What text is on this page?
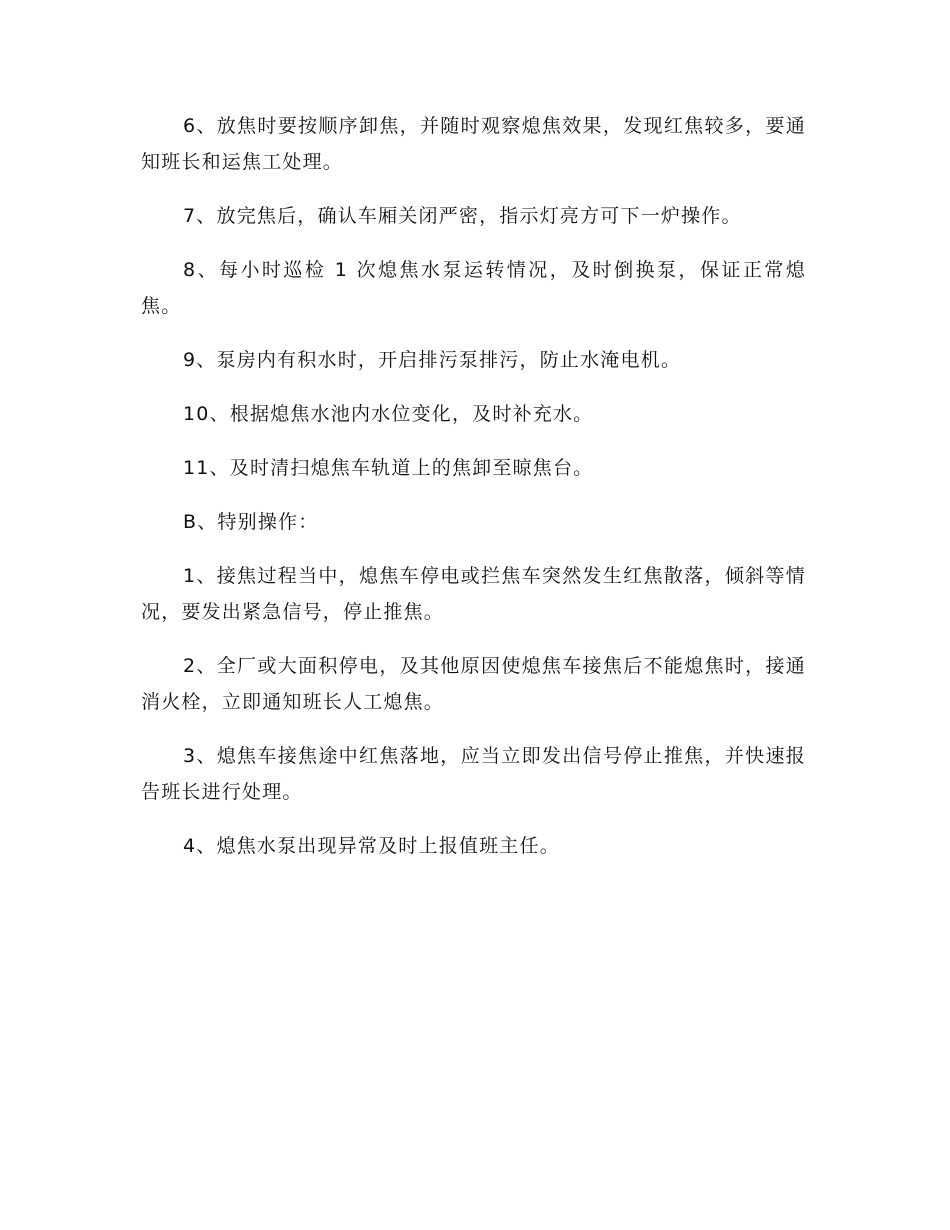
6、放焦时要按顺序卸焦，并随时观察熄焦效果，发现红焦较多，要通知班长和运焦工处理。

7、放完焦后，确认车厢关闭严密，指示灯亮方可下一炉操作。

8、每小时巡检 1 次熄焦水泵运转情况，及时倒换泵，保证正常熄焦。

9、泵房内有积水时，开启排污泵排污，防止水淹电机。

10、根据熄焦水池内水位变化，及时补充水。

11、及时清扫熄焦车轨道上的焦卸至晾焦台。

B、特别操作：

1、接焦过程当中，熄焦车停电或拦焦车突然发生红焦散落，倾斜等情况，要发出紧急信号，停止推焦。

2、全厂或大面积停电，及其他原因使熄焦车接焦后不能熄焦时，接通消火栓，立即通知班长人工熄焦。

3、熄焦车接焦途中红焦落地，应当立即发出信号停止推焦，并快速报告班长进行处理。

4、熄焦水泵出现异常及时上报值班主任。
